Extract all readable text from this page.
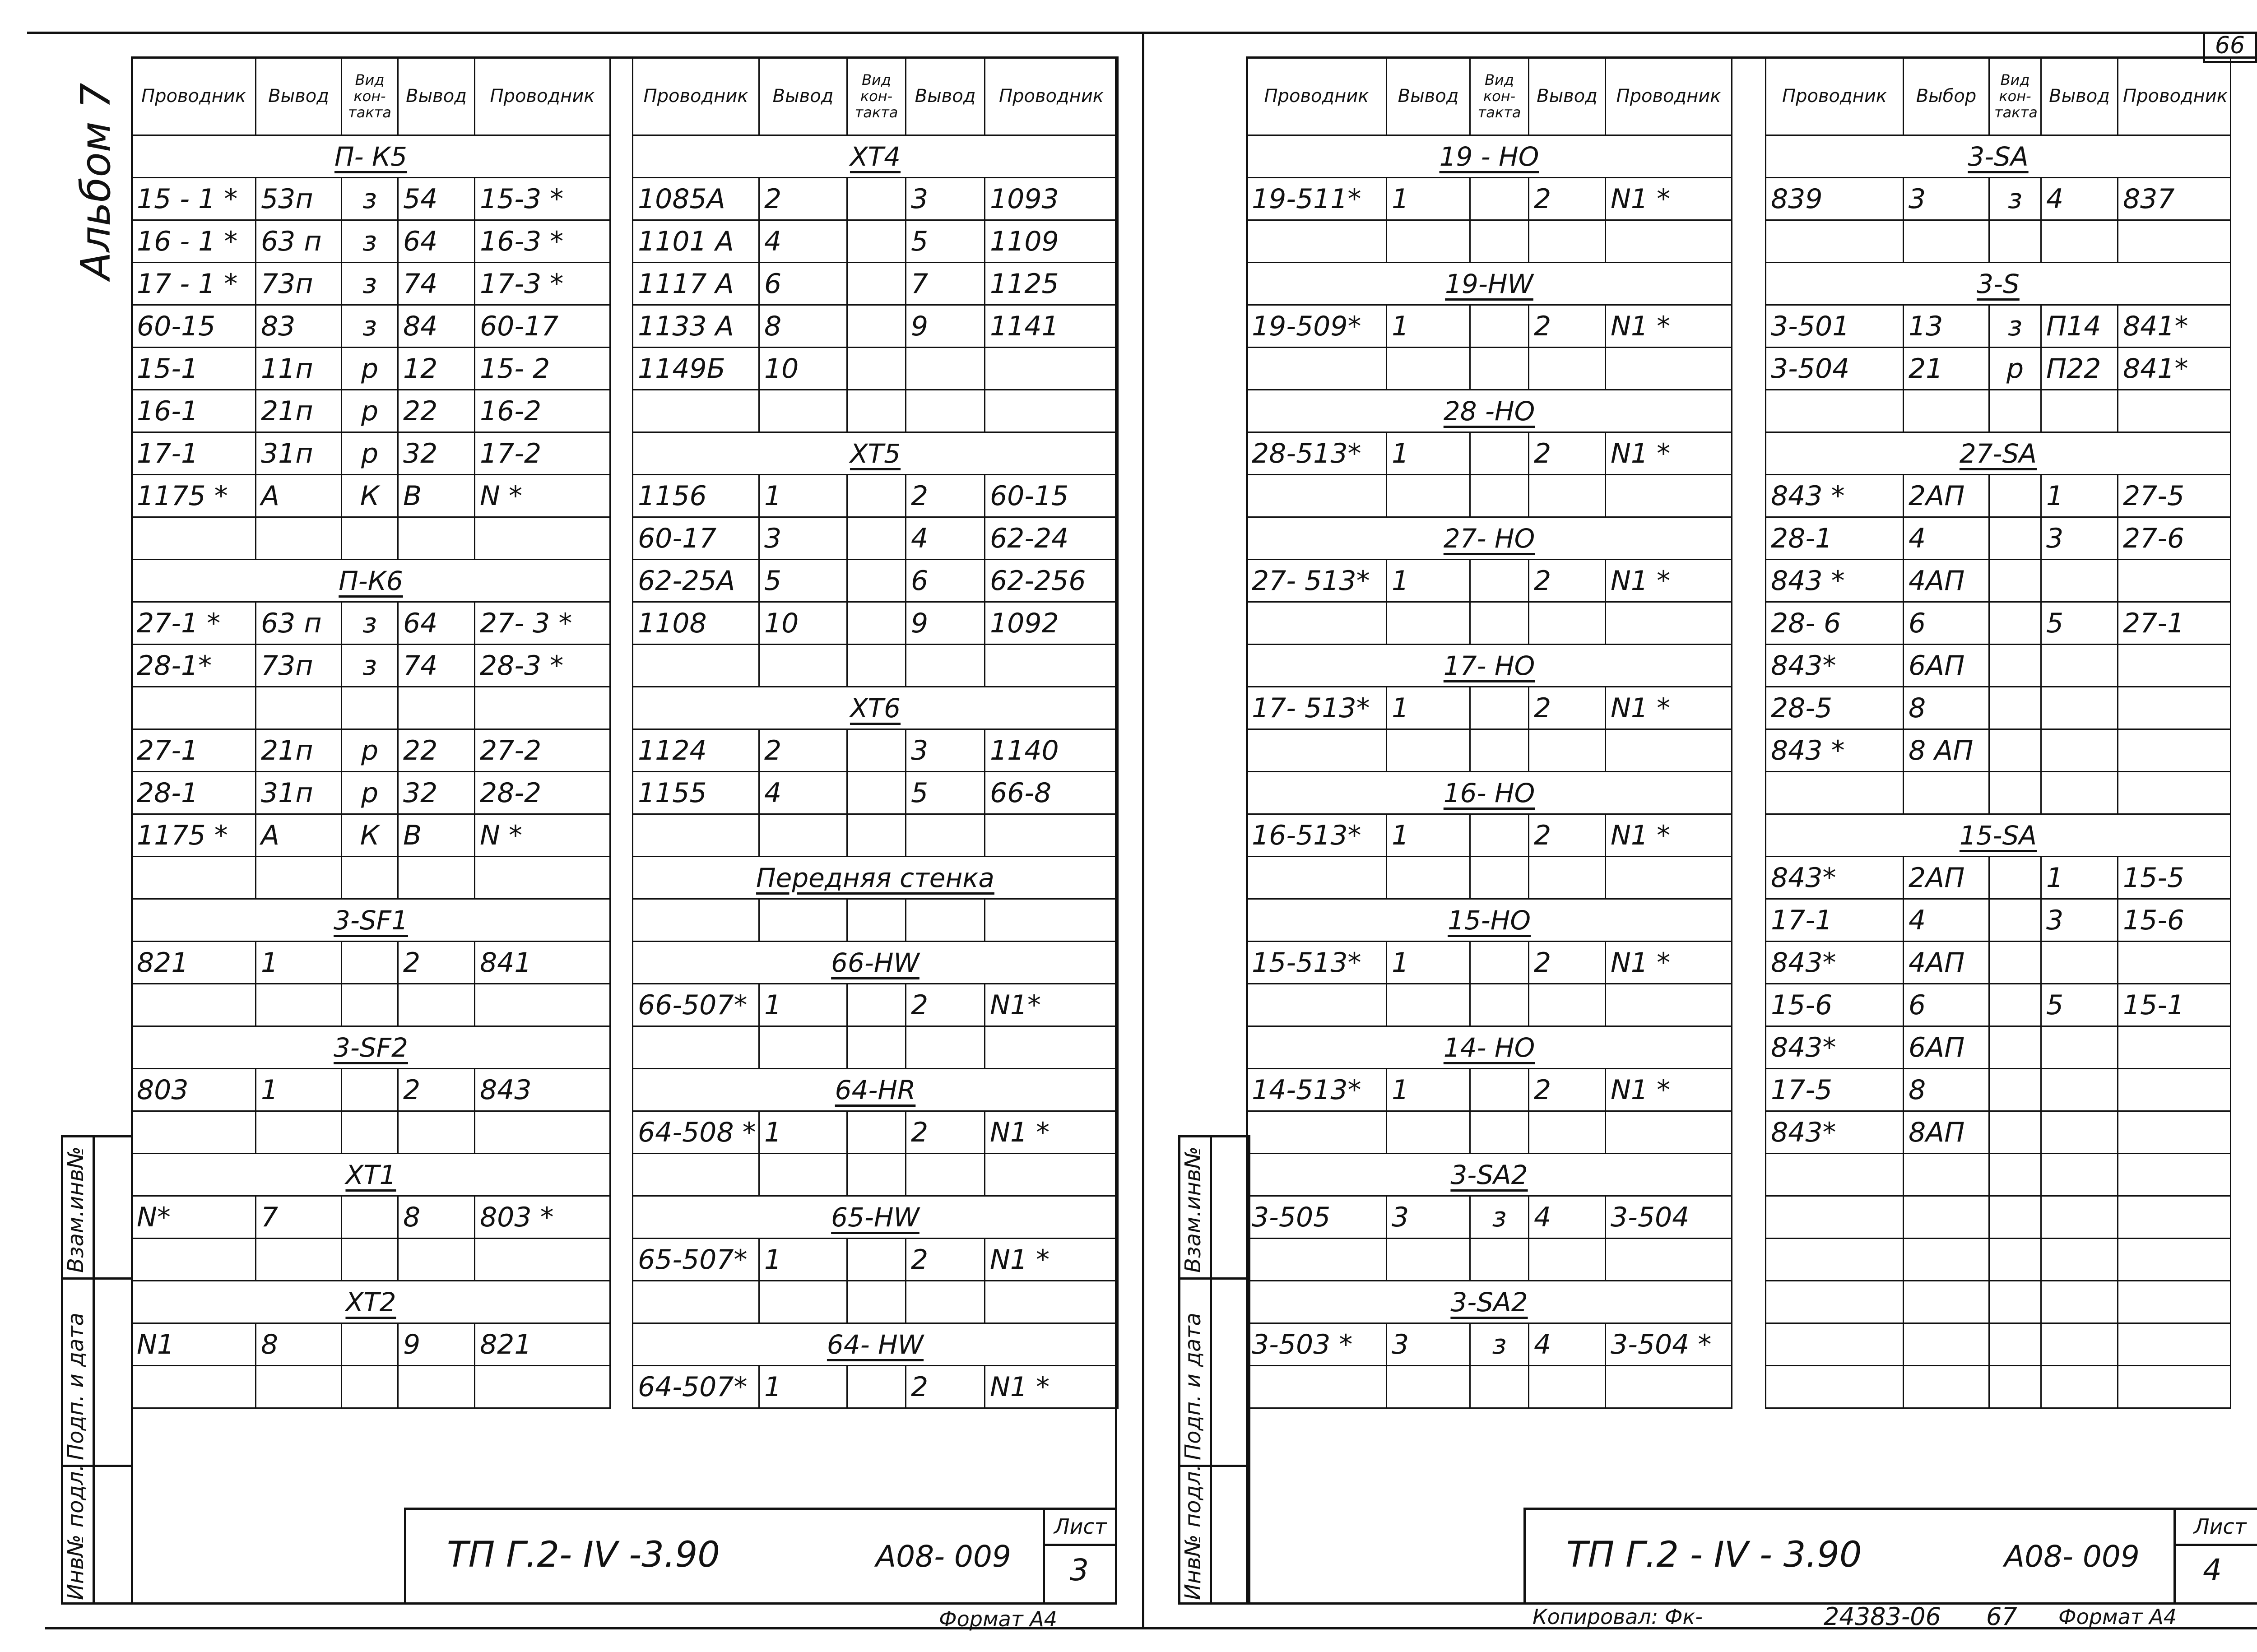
66
Альбом 7
Взам.инв№
Подп. и дата
Инв№ подл.
Проводник	Вывод	Вид кон- такта	Вывод	Проводник
П- К5				
15 - 1 *	53п	з	54	15-3 *
16 - 1 *	63 п	з	64	16-3 *
17 - 1 *	73п	з	74	17-3 *
60-15	83	з	84	60-17
15-1	11п	р	12	15- 2
16-1	21п	р	22	16-2
17-1	31п	р	32	17-2
1175 *	А	К	В	N *

П-К6				
27-1 *	63 п	з	64	27- 3 *
28-1*	73п	з	74	28-3 *

27-1	21п	р	22	27-2
28-1	31п	р	32	28-2
1175 *	А	К	В	N *

3-SF1				
821	1		2	841

3-SF2				
803	1		2	843

XT1				
N*	7		8	803 *

XT2				
N1	8		9	821

Проводник	Вывод	Вид кон- такта	Вывод	Проводник
XT4				
1085А	2		3	1093
1101 А	4		5	1109
1117 А	6		7	1125
1133 А	8		9	1141
1149Б	10			

XT5				
1156	1		2	60-15
60-17	3		4	62-24
62-25А	5		6	62-256
1108	10		9	1092

XT6				
1124	2		3	1140
1155	4		5	66-8

Передняя стенка				

66-HW				
66-507*	1		2	N1*

64-HR				
64-508 *	1		2	N1 *

65-HW				
65-507*	1		2	N1 *

64- HW				
64-507*	1		2	N1 *
ТП Г.2- IV -3.90	А08- 009
Лист
3
Формат А4
Взам.инв№
Подп. и дата
Инв№ подл.
Проводник	Вывод	Вид кон- такта	Вывод	Проводник
19 - НО				
19-511*	1		2	N1 *

19-HW				
19-509*	1		2	N1 *

28 -НО				
28-513*	1		2	N1 *

27- НО				
27- 513*	1		2	N1 *

17- НО				
17- 513*	1		2	N1 *

16- НО				
16-513*	1		2	N1 *

15-НО				
15-513*	1		2	N1 *

14- НО				
14-513*	1		2	N1 *

3-SA2				
3-505	3	з	4	3-504

3-SA2				
3-503 *	3	з	4	3-504 *

Проводник	Выбор	Вид кон- такта	Вывод	Проводник
3-SA				
839	3	з	4	837

3-S				
3-501	13	з	П14	841*
3-504	21	р	П22	841*

27-SА				
843 *	2АП		1	27-5
28-1	4		3	27-6
843 *	4АП			
28- 6	6		5	27-1
843*	6АП			
28-5	8			
843 *	8 АП			

15-SА				
843*	2АП		1	15-5
17-1	4		3	15-6
843*	4АП			
15-6	6		5	15-1
843*	6АП			
17-5	8			
843*	8АП			

ТП Г.2 - IV - 3.90	А08- 009
Лист
4
Копировал: Фк-	24383-06 67 Формат А4
